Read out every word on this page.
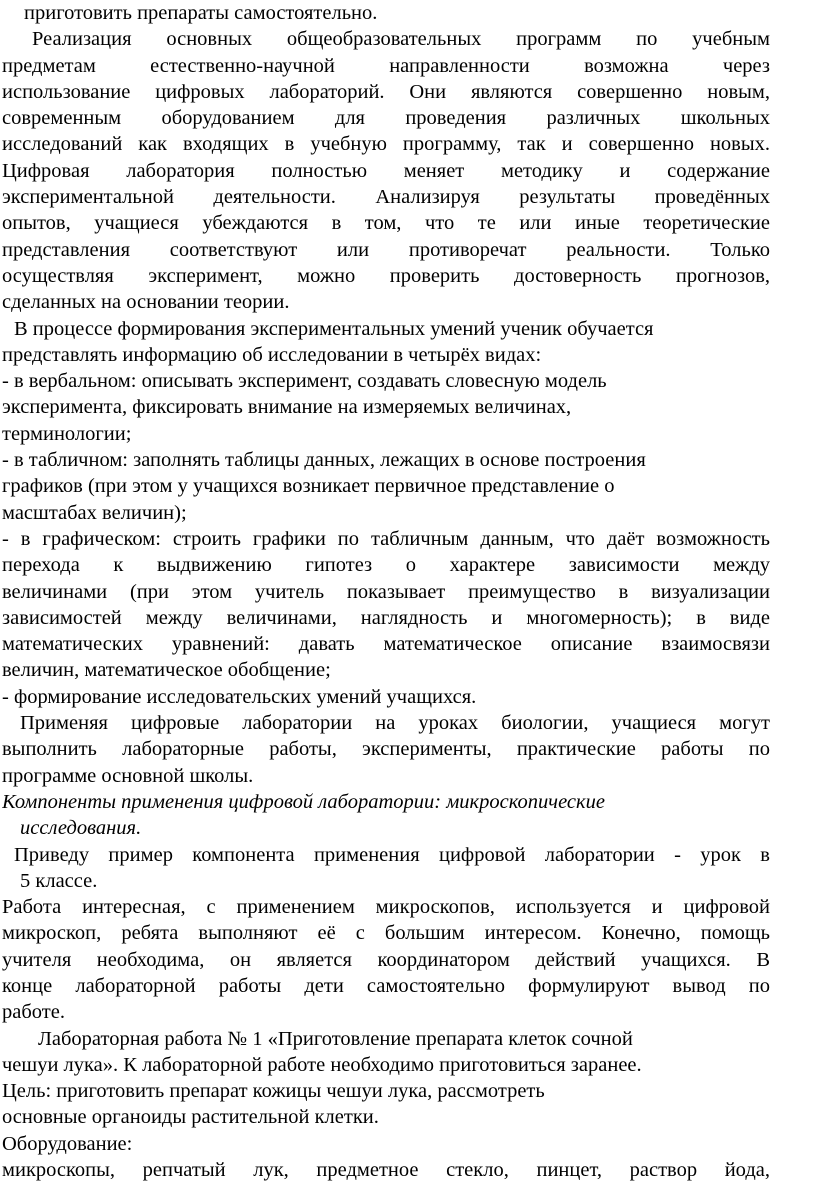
приготовить препараты самостоятельно.
Реализация основных общеобразовательных программ по учебным
предметам естественно-научной направленности возможна через
использование цифровых лабораторий. Они являются совершенно новым,
современным оборудованием для проведения различных школьных
исследований как входящих в учебную программу, так и совершенно новых.
Цифровая лаборатория полностью меняет методику и содержание
экспериментальной деятельности. Анализируя результаты проведённых
опытов, учащиеся убеждаются в том, что те или иные теоретические
представления соответствуют или противоречат реальности. Только
осуществляя эксперимент, можно проверить достоверность прогнозов,
сделанных на основании теории.
В процессе формирования экспериментальных умений ученик обучается
представлять информацию об исследовании в четырёх видах:
- в вербальном: описывать эксперимент, создавать словесную модель
эксперимента, фиксировать внимание на измеряемых величинах,
терминологии;
- в табличном: заполнять таблицы данных, лежащих в основе построения
графиков (при этом у учащихся возникает первичное представление о
масштабах величин);
- в графическом: строить графики по табличным данным, что даёт возможность
перехода к выдвижению гипотез о характере зависимости между
величинами (при этом учитель показывает преимущество в визуализации
зависимостей между величинами, наглядность и многомерность); в виде
математических уравнений: давать математическое описание взаимосвязи
величин, математическое обобщение;
- формирование исследовательских умений учащихся.
Применяя цифровые лаборатории на уроках биологии, учащиеся могут
выполнить лабораторные работы, эксперименты, практические работы по
программе основной школы.
Компоненты применения цифровой лаборатории: микроскопические
исследования.
Приведу пример компонента применения цифровой лаборатории - урок в
5 классе.
Работа интересная, с применением микроскопов, используется и цифровой
микроскоп, ребята выполняют её с большим интересом. Конечно, помощь
учителя необходима, он является координатором действий учащихся. В
конце лабораторной работы дети самостоятельно формулируют вывод по
работе.
Лабораторная работа № 1 «Приготовление препарата клеток сочной
чешуи лука». К лабораторной работе необходимо приготовиться заранее.
Цель: приготовить препарат кожицы чешуи лука, рассмотреть
основные органоиды растительной клетки.
Оборудование:
микроскопы, репчатый лук, предметное стекло, пинцет, раствор йода,
